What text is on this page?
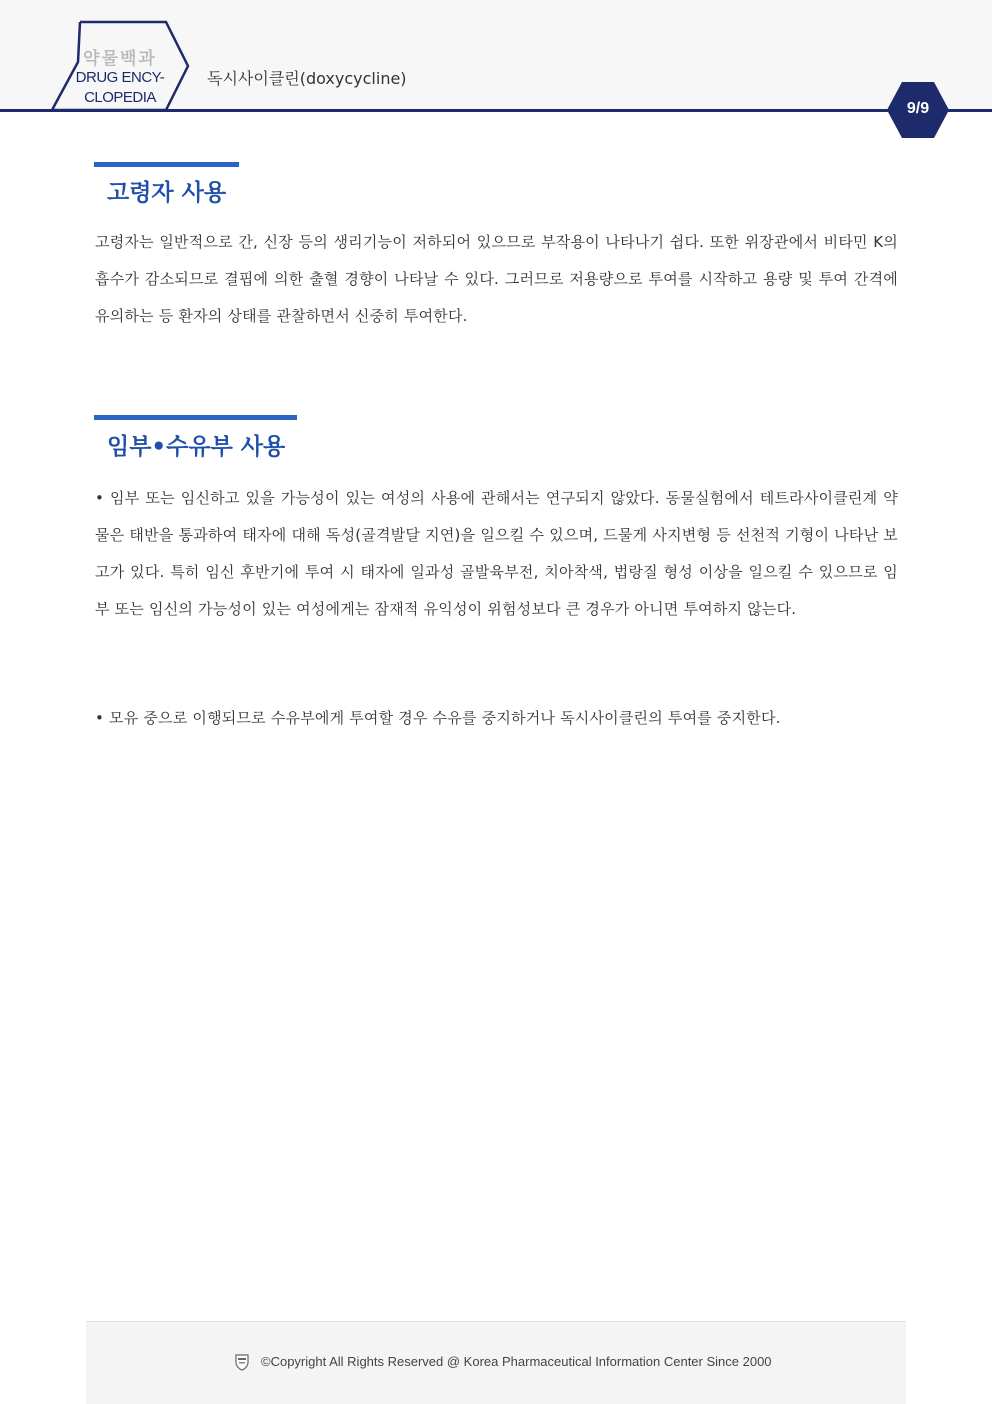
약물백과
DRUG ENCY-
CLOPEDIA
독시사이클린(doxycycline)
9/9
고령자 사용

고령자는 일반적으로 간, 신장 등의 생리기능이 저하되어 있으므로 부작용이 나타나기 쉽다. 또한 위장관에서 비타민 K의 흡수가 감소되므로 결핍에 의한 출혈 경향이 나타날 수 있다. 그러므로 저용량으로 투여를 시작하고 용량 및 투여 간격에 유의하는 등 환자의 상태를 관찰하면서 신중히 투여한다.

임부•수유부 사용

• 임부 또는 임신하고 있을 가능성이 있는 여성의 사용에 관해서는 연구되지 않았다. 동물실험에서 테트라사이클린계 약물은 태반을 통과하여 태자에 대해 독성(골격발달 지연)을 일으킬 수 있으며, 드물게 사지변형 등 선천적 기형이 나타난 보고가 있다. 특히 임신 후반기에 투여 시 태자에 일과성 골발육부전, 치아착색, 법랑질 형성 이상을 일으킬 수 있으므로 임부 또는 임신의 가능성이 있는 여성에게는 잠재적 유익성이 위험성보다 큰 경우가 아니면 투여하지 않는다.

• 모유 중으로 이행되므로 수유부에게 투여할 경우 수유를 중지하거나 독시사이클린의 투여를 중지한다.

©Copyright All Rights Reserved @ Korea Pharmaceutical Information Center Since 2000
